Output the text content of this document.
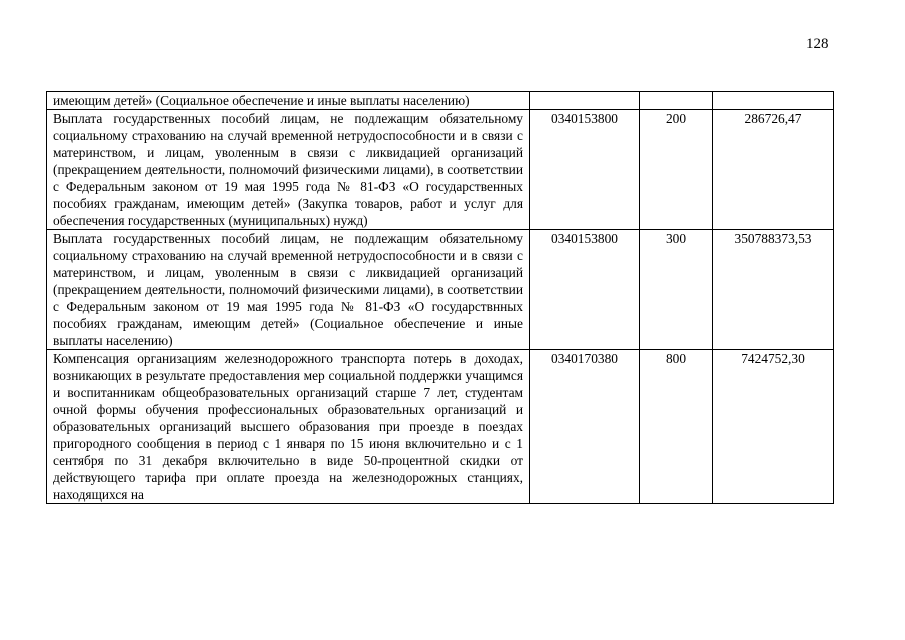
128
имеющим детей» (Социальное обеспечение и иные выплаты населению)			
Выплата государственных пособий лицам, не подлежащим обязательному социальному страхованию на случай временной нетрудоспособности и в связи с материнством, и лицам, уволенным в связи с ликвидацией организаций (прекращением деятельности, полномочий физическими лицами), в соответствии с Федеральным законом от 19 мая 1995 года № 81-ФЗ «О государственных пособиях гражданам, имеющим детей» (Закупка товаров, работ и услуг для обеспечения государственных (муниципальных) нужд)	0340153800	200	286726,47
Выплата государственных пособий лицам, не подлежащим обязательному социальному страхованию на случай временной нетрудоспособности и в связи с материнством, и лицам, уволенным в связи с ликвидацией организаций (прекращением деятельности, полномочий физическими лицами), в соответствии с Федеральным законом от 19 мая 1995 года № 81-ФЗ «О государствнных пособиях гражданам, имеющим детей» (Социальное обеспечение и иные выплаты населению)	0340153800	300	350788373,53
Компенсация организациям железнодорожного транспорта потерь в доходах, возникающих в результате предоставления мер социальной поддержки учащимся и воспитанникам общеобразовательных организаций старше 7 лет, студентам очной формы обучения профессиональных образовательных организаций и образовательных организаций высшего образования при проезде в поездах пригородного сообщения в период с 1 января по 15 июня включительно и с 1 сентября по 31 декабря включительно в виде 50-процентной скидки от действующего тарифа при оплате проезда на железнодорожных станциях, находящихся на	0340170380	800	7424752,30
